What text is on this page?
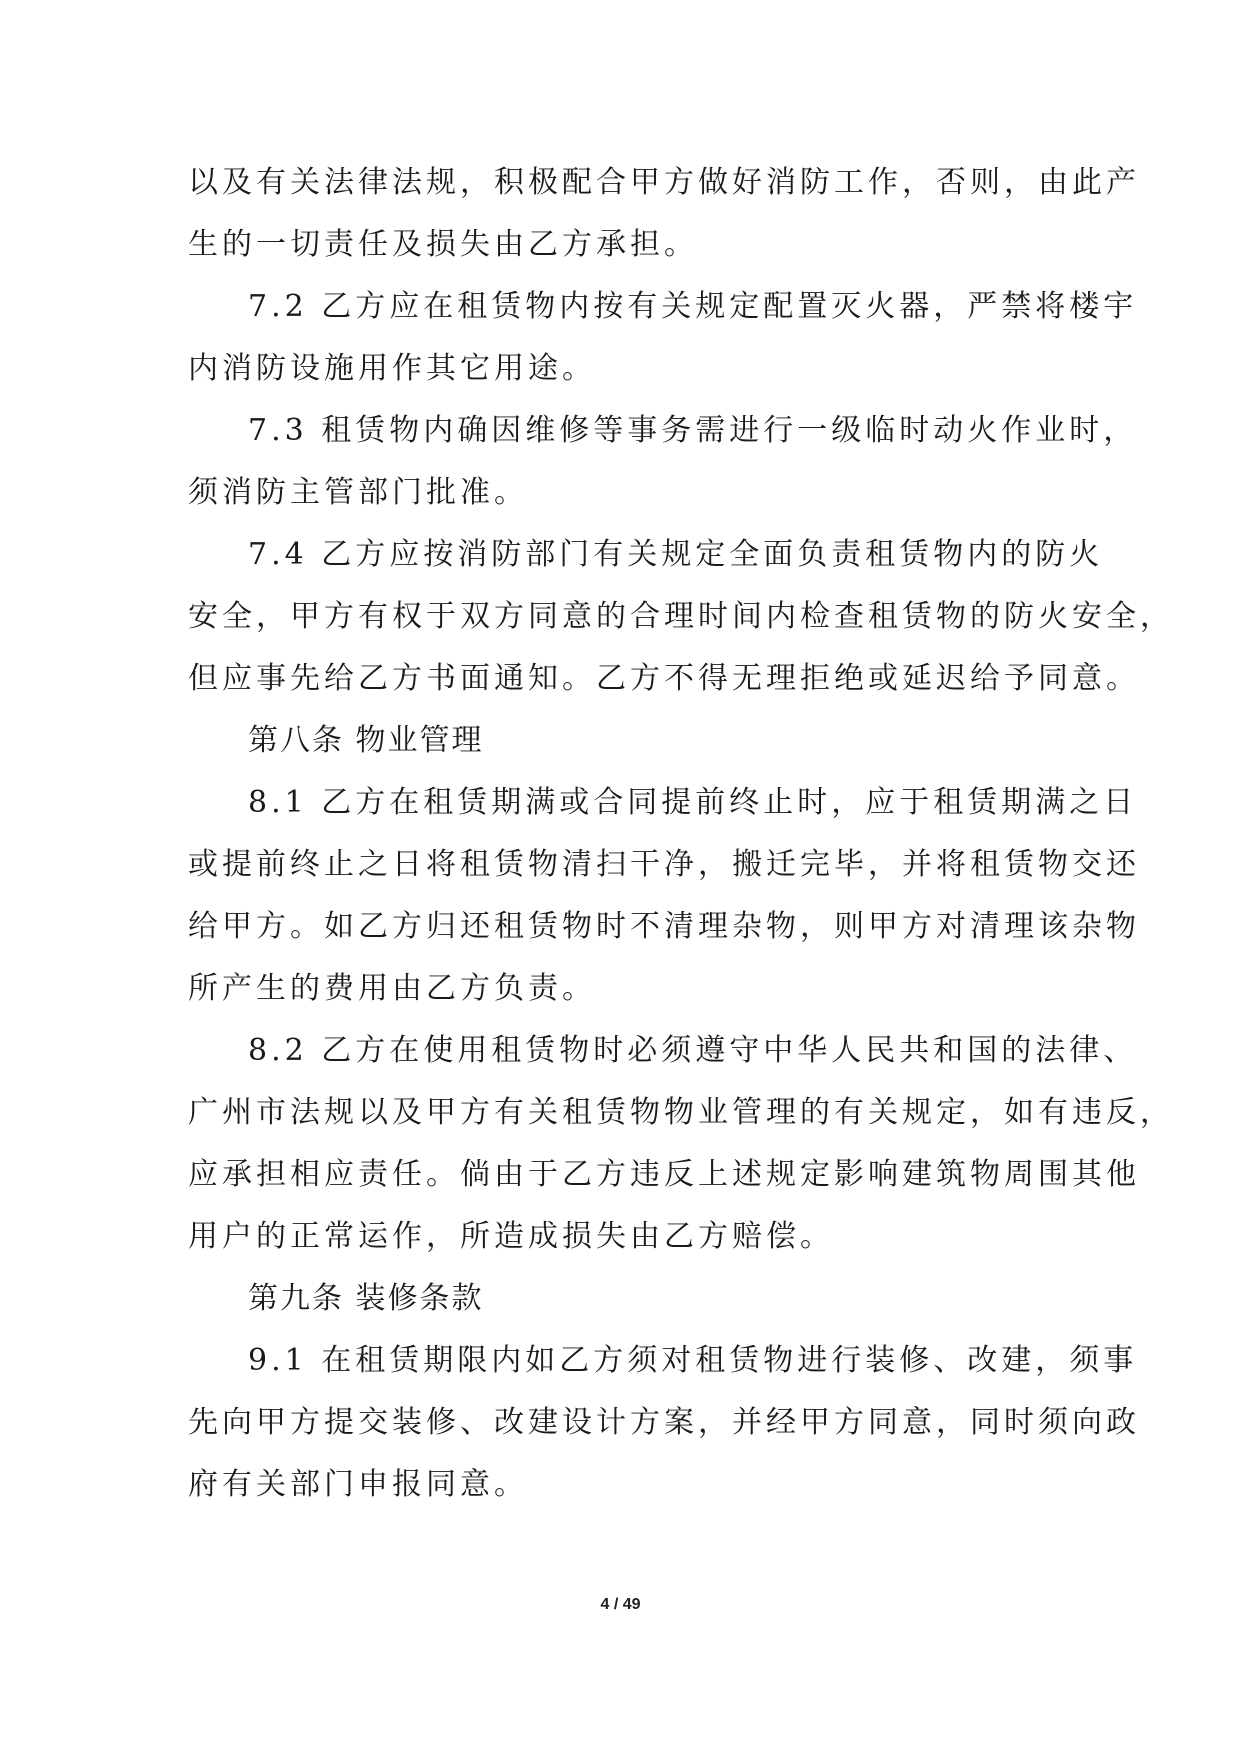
以及有关法律法规，积极配合甲方做好消防工作，否则，由此产
生的一切责任及损失由乙方承担。
7.2 乙方应在租赁物内按有关规定配置灭火器，严禁将楼宇
内消防设施用作其它用途。
7.3 租赁物内确因维修等事务需进行一级临时动火作业时，
须消防主管部门批准。
7.4 乙方应按消防部门有关规定全面负责租赁物内的防火
安全，甲方有权于双方同意的合理时间内检查租赁物的防火安全，
但应事先给乙方书面通知。乙方不得无理拒绝或延迟给予同意。
第八条 物业管理
8.1 乙方在租赁期满或合同提前终止时，应于租赁期满之日
或提前终止之日将租赁物清扫干净，搬迁完毕，并将租赁物交还
给甲方。如乙方归还租赁物时不清理杂物，则甲方对清理该杂物
所产生的费用由乙方负责。
8.2 乙方在使用租赁物时必须遵守中华人民共和国的法律、
广州市法规以及甲方有关租赁物物业管理的有关规定，如有违反，
应承担相应责任。倘由于乙方违反上述规定影响建筑物周围其他
用户的正常运作，所造成损失由乙方赔偿。
第九条 装修条款
9.1 在租赁期限内如乙方须对租赁物进行装修、改建，须事
先向甲方提交装修、改建设计方案，并经甲方同意，同时须向政
府有关部门申报同意。
4 / 49
